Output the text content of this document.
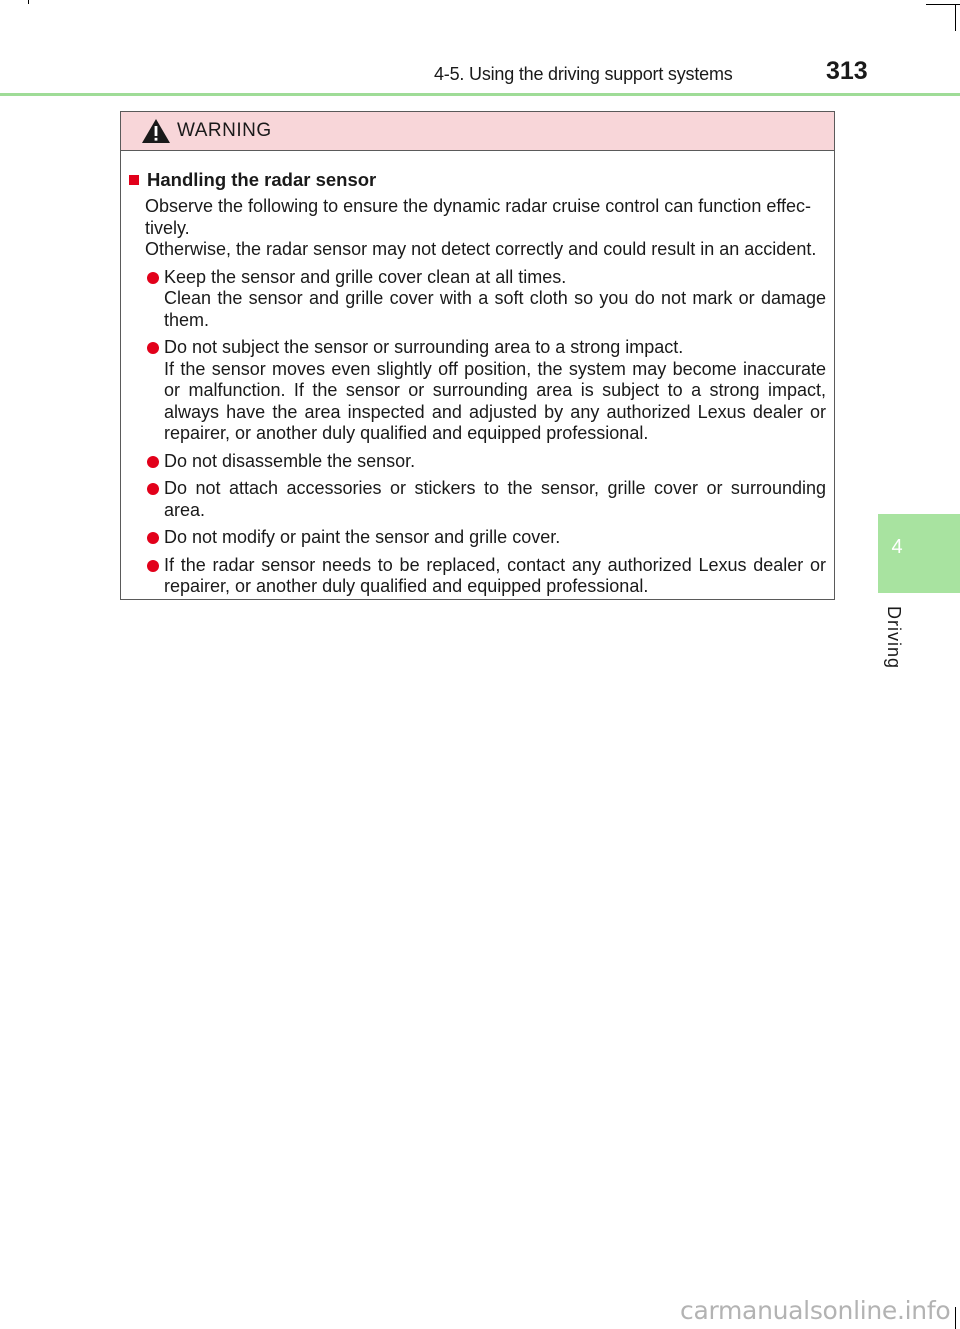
4-5. Using the driving support systems	313
4
Driving
WARNING
Handling the radar sensor

Observe the following to ensure the dynamic radar cruise control can function effec- tively.

Otherwise, the radar sensor may not detect correctly and could result in an accident.

Keep the sensor and grille cover clean at all times.

Clean the sensor and grille cover with a soft cloth so you do not mark or damage them.

Do not subject the sensor or surrounding area to a strong impact.

If the sensor moves even slightly off position, the system may become inaccurate or malfunction. If the sensor or surrounding area is subject to a strong impact, always have the area inspected and adjusted by any authorized Lexus dealer or repairer, or another duly qualified and equipped professional.

Do not disassemble the sensor.

Do not attach accessories or stickers to the sensor, grille cover or surrounding area.

Do not modify or paint the sensor and grille cover.

If the radar sensor needs to be replaced, contact any authorized Lexus dealer or repairer, or another duly qualified and equipped professional.

carmanualsonline.info
